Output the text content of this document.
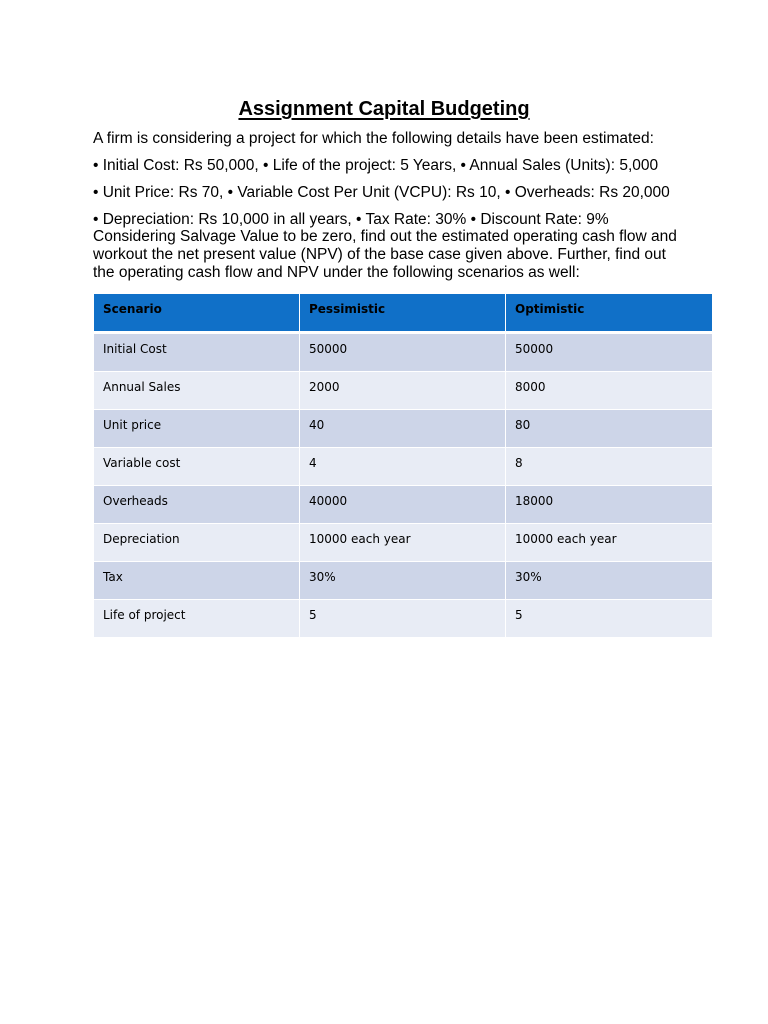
Assignment Capital Budgeting
A firm is considering a project for which the following details have been estimated:
• Initial Cost: Rs 50,000, • Life of the project: 5 Years, • Annual Sales (Units): 5,000
• Unit Price: Rs 70, • Variable Cost Per Unit (VCPU): Rs 10, • Overheads: Rs 20,000
• Depreciation: Rs 10,000 in all years, • Tax Rate: 30% • Discount Rate: 9%
Considering Salvage Value to be zero, find out the estimated operating cash flow and workout the net present value (NPV) of the base case given above. Further, find out the operating cash flow and NPV under the following scenarios as well:
Scenario	Pessimistic	Optimistic
Initial Cost	50000	50000
Annual Sales	2000	8000
Unit price	40	80
Variable cost	4	8
Overheads	40000	18000
Depreciation	10000 each year	10000 each year
Tax	30%	30%
Life of project	5	5
